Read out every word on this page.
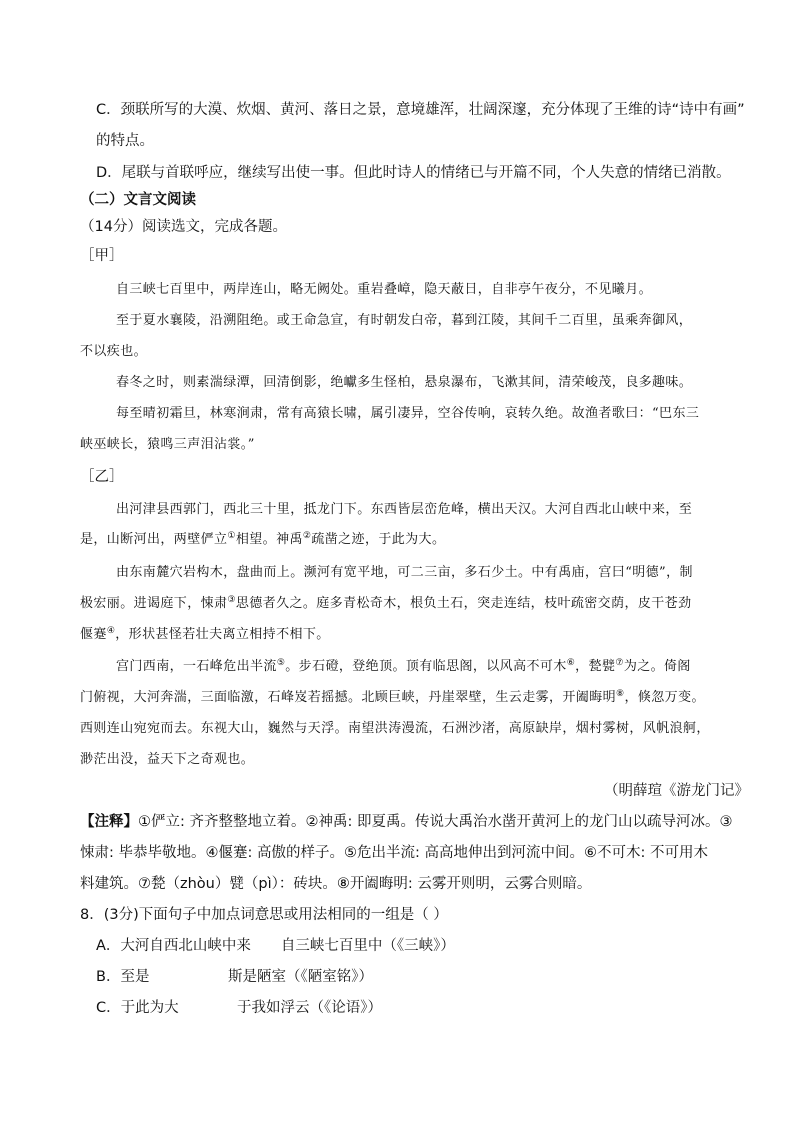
C．颈联所写的大漠、炊烟、黄河、落日之景，意境雄浑，壮阔深邃，充分体现了王维的诗“诗中有画”
的特点。
D．尾联与首联呼应，继续写出使一事。但此时诗人的情绪已与开篇不同，个人失意的情绪已消散。
（二）文言文阅读
（14分）阅读选文，完成各题。
［甲］
自三峡七百里中，两岸连山，略无阙处。重岩叠嶂，隐天蔽日，自非亭午夜分，不见曦月。
至于夏水襄陵，沿溯阻绝。或王命急宣，有时朝发白帝，暮到江陵，其间千二百里，虽乘奔御风，
不以疾也。
春冬之时，则素湍绿潭，回清倒影，绝巘多生怪柏，悬泉瀑布，飞漱其间，清荣峻茂，良多趣味。
每至晴初霜旦，林寒涧肃，常有高猿长啸，属引凄异，空谷传响，哀转久绝。故渔者歌曰：“巴东三
峡巫峡长，猿鸣三声泪沾裳。”
［乙］
出河津县西郭门，西北三十里，抵龙门下。东西皆层峦危峰，横出天汉。大河自西北山峡中来，至
是，山断河出，两壁俨立①相望。神禹②疏凿之迹，于此为大。
由东南麓穴岩构木，盘曲而上。濒河有宽平地，可二三亩，多石少土。中有禹庙，宫曰“明德”，制
极宏丽。进谒庭下，悚肃③思德者久之。庭多青松奇木，根负土石，突走连结，枝叶疏密交荫，皮干苍劲
偃蹇④，形状甚怪若壮夫离立相持不相下。
宫门西南，一石峰危出半流⑤。步石磴，登绝顶。顶有临思阁，以风高不可木⑥，甃甓⑦为之。倚阁
门俯视，大河奔湍，三面临激，石峰岌若摇撼。北顾巨峡，丹崖翠壁，生云走雾，开阖晦明⑧，倏忽万变。
西则连山宛宛而去。东视大山，巍然与天浮。南望洪涛漫流，石洲沙渚，高原缺岸，烟村雾树，风帆浪舸，
渺茫出没，益天下之奇观也。
（明薛瑄《游龙门记》
【注释】①俨立: 齐齐整整地立着。②神禹: 即夏禹。传说大禹治水凿开黄河上的龙门山以疏导河冰。③
悚肃: 毕恭毕敬地。④偃蹇: 高傲的样子。⑤危出半流: 高高地伸出到河流中间。⑥不可木: 不可用木
料建筑。⑦甃（zhòu）甓（pì）：砖块。⑧开阖晦明: 云雾开则明，云雾合则暗。
8．(3分)下面句子中加点词意思或用法相同的一组是（ ）
A．大河自西北山峡中来 自三峡七百里中（《三峡》）
B．至是	斯是陋室（《陋室铭》）
C．于此为大	于我如浮云（《论语》）
